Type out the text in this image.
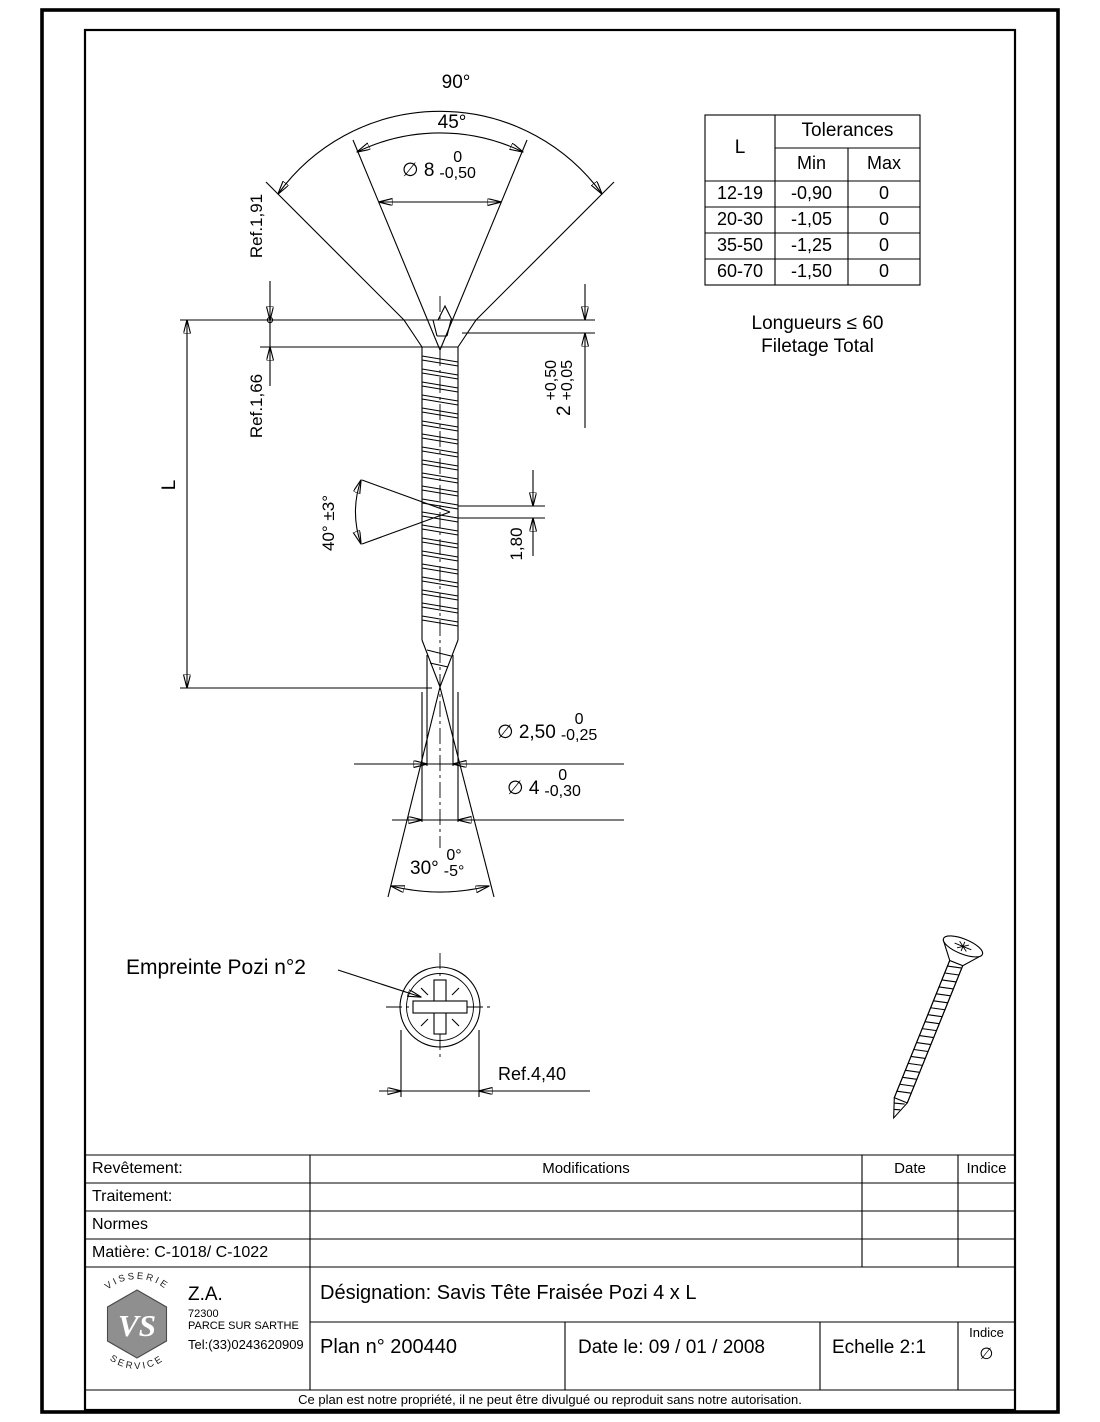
VS
VISSERIE
SERVICE
90°
45°
∅ 8
0
-0,50
Ref.1,91
Ref.1,66
L
40° ±3°
2
+0,50 +0,05
1,80
∅ 2,50
0
-0,25
∅ 4
0
-0,30
30°
0°
-5°
Longueurs ≤ 60
Filetage Total
Empreinte Pozi n°2
Ref.4,40
L
Tolerances
Min	Max
12-19	-0,90	0
20-30	-1,05	0
35-50	-1,25	0
60-70	-1,50	0
Revêtement:
Traitement:
Normes
Matière: C-1018/ C-1022
Modifications	Date	Indice
Désignation: Savis Tête Fraisée Pozi 4 x L
Plan n° 200440	Date le: 09 / 01 / 2008	Echelle 2:1
Indice
∅
Z.A.
72300
PARCE SUR SARTHE
Tel:(33)0243620909
Ce plan est notre propriété, il ne peut être divulgué ou reproduit sans notre autorisation.
